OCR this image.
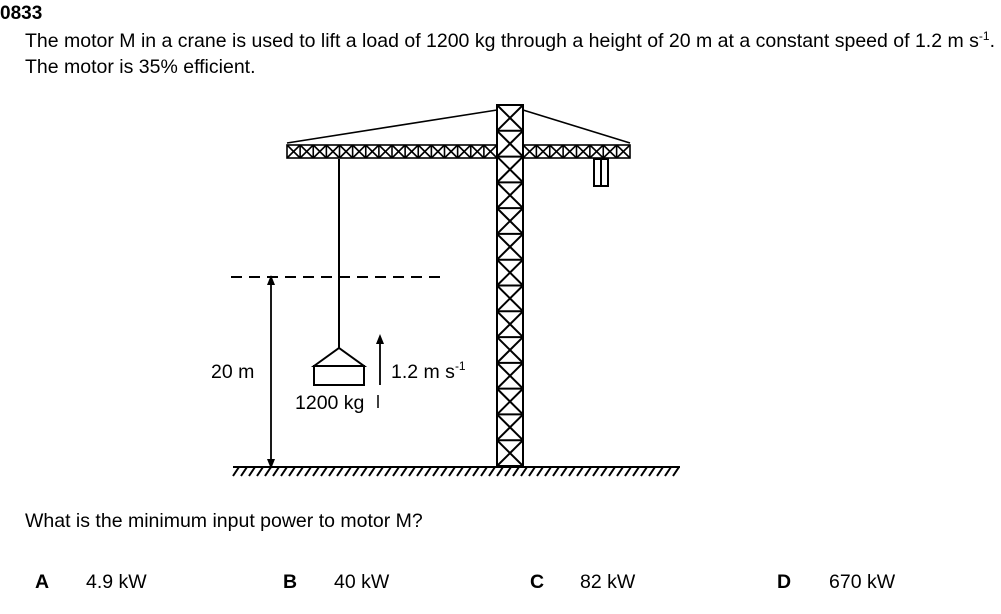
0833
The motor M in a crane is used to lift a load of 1200 kg through a height of 20 m at a constant speed of 1.2 m $s^{-1}$. The motor is 35% efficient.
20 m
1200 kg
1.2 m $s^{-1}$
What is the minimum input power to motor M?
A 4.9 kW	B 40 kW	C 82 kW	D 670 kW
